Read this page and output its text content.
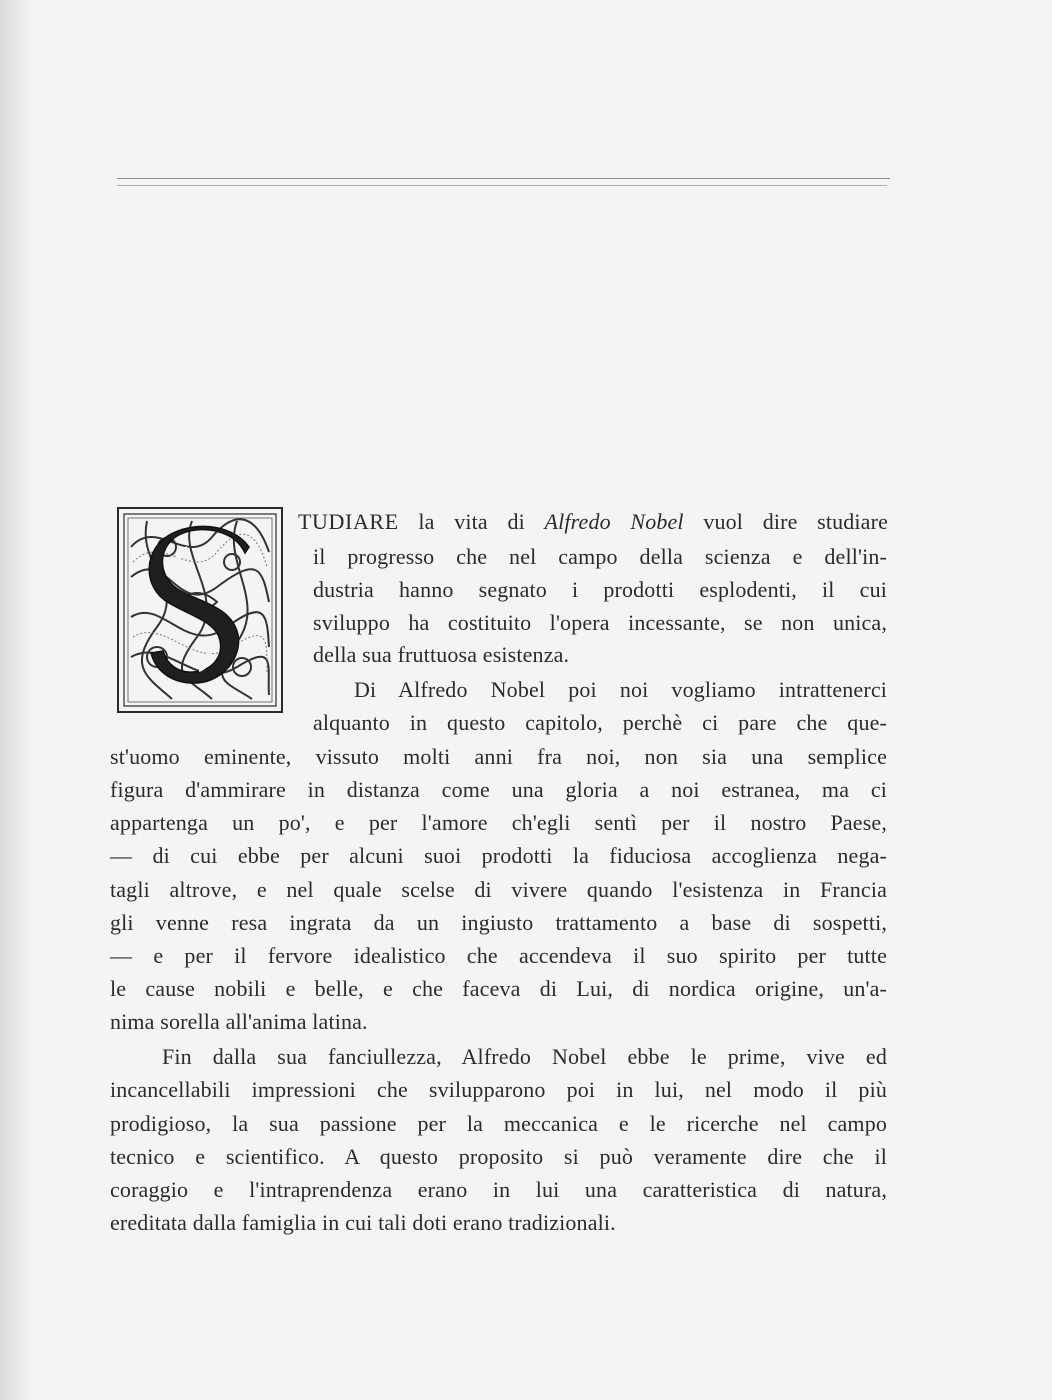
TUDIARE la vita di Alfredo Nobel vuol dire studiare
il progresso che nel campo della scienza e dell'in-
dustria hanno segnato i prodotti esplodenti, il cui
sviluppo ha costituito l'opera incessante, se non unica,
della sua fruttuosa esistenza.
Di Alfredo Nobel poi noi vogliamo intrattenerci
alquanto in questo capitolo, perchè ci pare che que-
st'uomo eminente, vissuto molti anni fra noi, non sia una semplice
figura d'ammirare in distanza come una gloria a noi estranea, ma ci
appartenga un po', e per l'amore ch'egli sentì per il nostro Paese,
— di cui ebbe per alcuni suoi prodotti la fiduciosa accoglienza nega-
tagli altrove, e nel quale scelse di vivere quando l'esistenza in Francia
gli venne resa ingrata da un ingiusto trattamento a base di sospetti,
— e per il fervore idealistico che accendeva il suo spirito per tutte
le cause nobili e belle, e che faceva di Lui, di nordica origine, un'a-
nima sorella all'anima latina.
Fin dalla sua fanciullezza, Alfredo Nobel ebbe le prime, vive ed
incancellabili impressioni che svilupparono poi in lui, nel modo il più
prodigioso, la sua passione per la meccanica e le ricerche nel campo
tecnico e scientifico. A questo proposito si può veramente dire che il
coraggio e l'intraprendenza erano in lui una caratteristica di natura,
ereditata dalla famiglia in cui tali doti erano tradizionali.
